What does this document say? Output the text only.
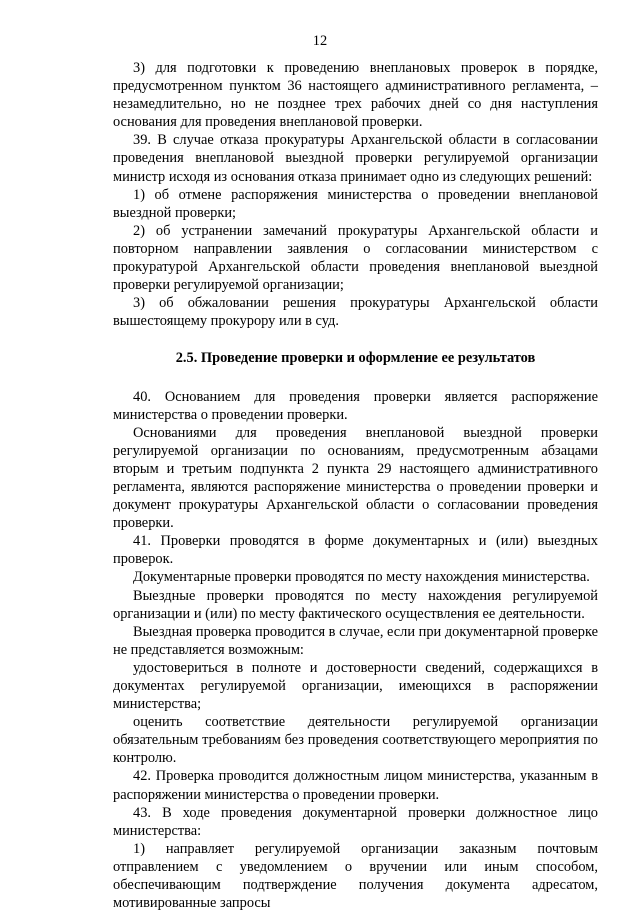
12

3) для подготовки к проведению внеплановых проверок в порядке, предусмотренном пунктом 36 настоящего административного регламента, – незамедлительно, но не позднее трех рабочих дней со дня наступления основания для проведения внеплановой проверки.

39. В случае отказа прокуратуры Архангельской области в согласовании проведения внеплановой выездной проверки регулируемой организации министр исходя из основания отказа принимает одно из следующих решений:

1) об отмене распоряжения министерства о проведении внеплановой выездной проверки;

2) об устранении замечаний прокуратуры Архангельской области и повторном направлении заявления о согласовании министерством с прокуратурой Архангельской области проведения внеплановой выездной проверки регулируемой организации;

3) об обжаловании решения прокуратуры Архангельской области вышестоящему прокурору или в суд.

2.5. Проведение проверки и оформление ее результатов

40. Основанием для проведения проверки является распоряжение министерства о проведении проверки.

Основаниями для проведения внеплановой выездной проверки регулируемой организации по основаниям, предусмотренным абзацами вторым и третьим подпункта 2 пункта 29 настоящего административного регламента, являются распоряжение министерства о проведении проверки и документ прокуратуры Архангельской области о согласовании проведения проверки.

41. Проверки проводятся в форме документарных и (или) выездных проверок.

Документарные проверки проводятся по месту нахождения министерства.

Выездные проверки проводятся по месту нахождения регулируемой организации и (или) по месту фактического осуществления ее деятельности.

Выездная проверка проводится в случае, если при документарной проверке не представляется возможным:

удостовериться в полноте и достоверности сведений, содержащихся в документах регулируемой организации, имеющихся в распоряжении министерства;

оценить соответствие деятельности регулируемой организации обязательным требованиям без проведения соответствующего мероприятия по контролю.

42. Проверка проводится должностным лицом министерства, указанным в распоряжении министерства о проведении проверки.

43. В ходе проведения документарной проверки должностное лицо министерства:

1) направляет регулируемой организации заказным почтовым отправлением с уведомлением о вручении или иным способом, обеспечивающим подтверждение получения документа адресатом, мотивированные запросы
